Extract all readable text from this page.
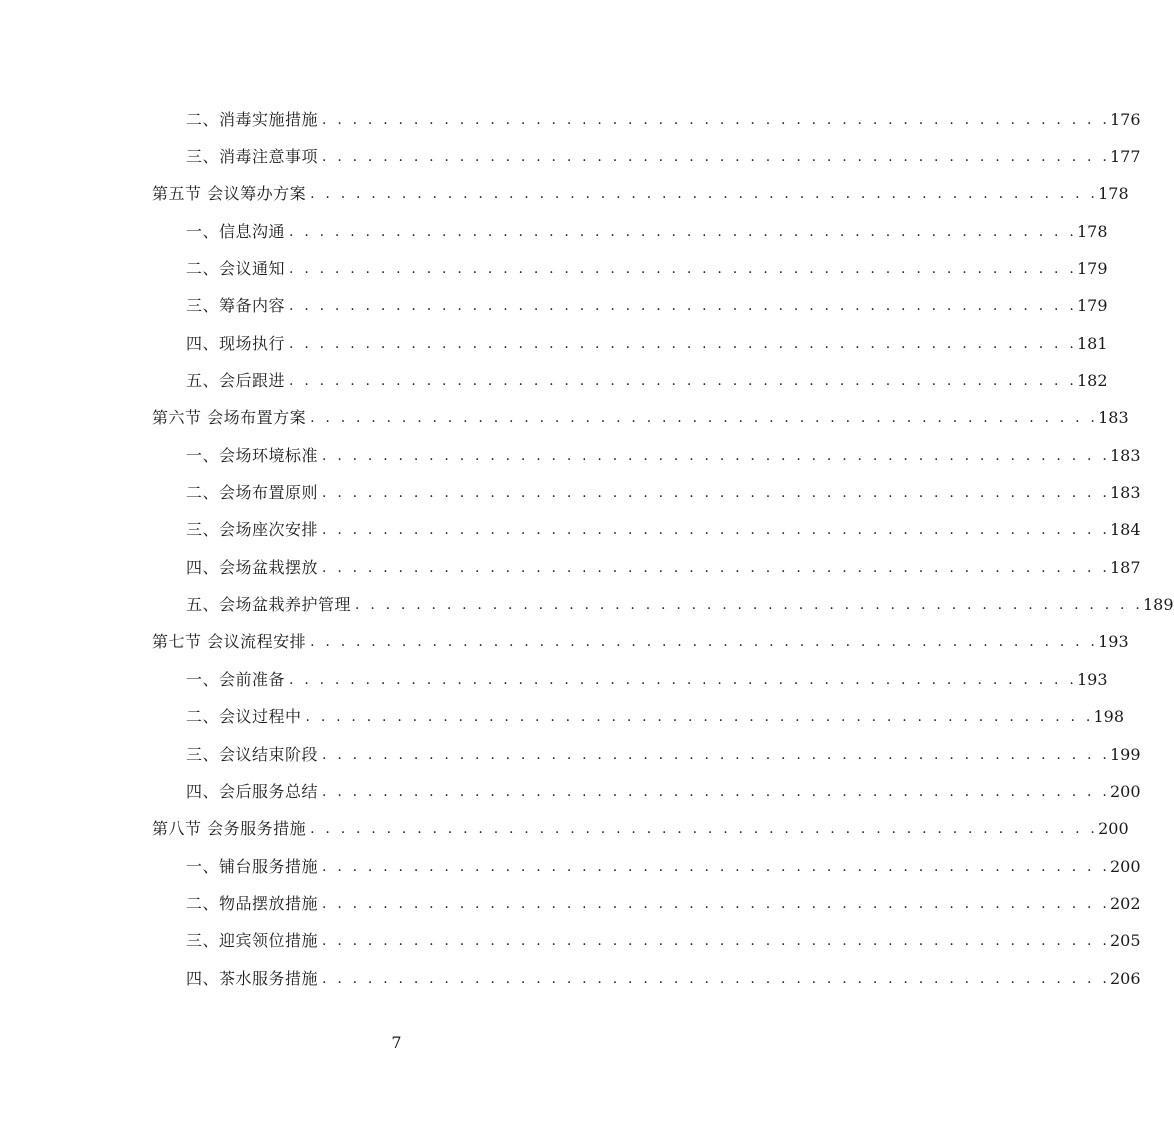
二、消毒实施措施 . . . . . . . . . . . . . . . . . . . . . . . . . . . . . . . . . . . . . . . . . . . . . . . . . . . . 176
三、消毒注意事项 . . . . . . . . . . . . . . . . . . . . . . . . . . . . . . . . . . . . . . . . . . . . . . . . . . . . 177
第五节 会议筹办方案 . . . . . . . . . . . . . . . . . . . . . . . . . . . . . . . . . . . . . . . . . . . . . . . . . . . . 178
一、信息沟通 . . . . . . . . . . . . . . . . . . . . . . . . . . . . . . . . . . . . . . . . . . . . . . . . . . . . 178
二、会议通知 . . . . . . . . . . . . . . . . . . . . . . . . . . . . . . . . . . . . . . . . . . . . . . . . . . . . 179
三、筹备内容 . . . . . . . . . . . . . . . . . . . . . . . . . . . . . . . . . . . . . . . . . . . . . . . . . . . . 179
四、现场执行 . . . . . . . . . . . . . . . . . . . . . . . . . . . . . . . . . . . . . . . . . . . . . . . . . . . . 181
五、会后跟进 . . . . . . . . . . . . . . . . . . . . . . . . . . . . . . . . . . . . . . . . . . . . . . . . . . . . 182
第六节 会场布置方案 . . . . . . . . . . . . . . . . . . . . . . . . . . . . . . . . . . . . . . . . . . . . . . . . . . . . 183
一、会场环境标准 . . . . . . . . . . . . . . . . . . . . . . . . . . . . . . . . . . . . . . . . . . . . . . . . . . . . 183
二、会场布置原则 . . . . . . . . . . . . . . . . . . . . . . . . . . . . . . . . . . . . . . . . . . . . . . . . . . . . 183
三、会场座次安排 . . . . . . . . . . . . . . . . . . . . . . . . . . . . . . . . . . . . . . . . . . . . . . . . . . . . 184
四、会场盆栽摆放 . . . . . . . . . . . . . . . . . . . . . . . . . . . . . . . . . . . . . . . . . . . . . . . . . . . . 187
五、会场盆栽养护管理 . . . . . . . . . . . . . . . . . . . . . . . . . . . . . . . . . . . . . . . . . . . . . . . . . . . . 189
第七节 会议流程安排 . . . . . . . . . . . . . . . . . . . . . . . . . . . . . . . . . . . . . . . . . . . . . . . . . . . . 193
一、会前准备 . . . . . . . . . . . . . . . . . . . . . . . . . . . . . . . . . . . . . . . . . . . . . . . . . . . . 193
二、会议过程中 . . . . . . . . . . . . . . . . . . . . . . . . . . . . . . . . . . . . . . . . . . . . . . . . . . . . 198
三、会议结束阶段 . . . . . . . . . . . . . . . . . . . . . . . . . . . . . . . . . . . . . . . . . . . . . . . . . . . . 199
四、会后服务总结 . . . . . . . . . . . . . . . . . . . . . . . . . . . . . . . . . . . . . . . . . . . . . . . . . . . . 200
第八节 会务服务措施 . . . . . . . . . . . . . . . . . . . . . . . . . . . . . . . . . . . . . . . . . . . . . . . . . . . . 200
一、铺台服务措施 . . . . . . . . . . . . . . . . . . . . . . . . . . . . . . . . . . . . . . . . . . . . . . . . . . . . 200
二、物品摆放措施 . . . . . . . . . . . . . . . . . . . . . . . . . . . . . . . . . . . . . . . . . . . . . . . . . . . . 202
三、迎宾领位措施 . . . . . . . . . . . . . . . . . . . . . . . . . . . . . . . . . . . . . . . . . . . . . . . . . . . . 205
四、茶水服务措施 . . . . . . . . . . . . . . . . . . . . . . . . . . . . . . . . . . . . . . . . . . . . . . . . . . . . 206
7
